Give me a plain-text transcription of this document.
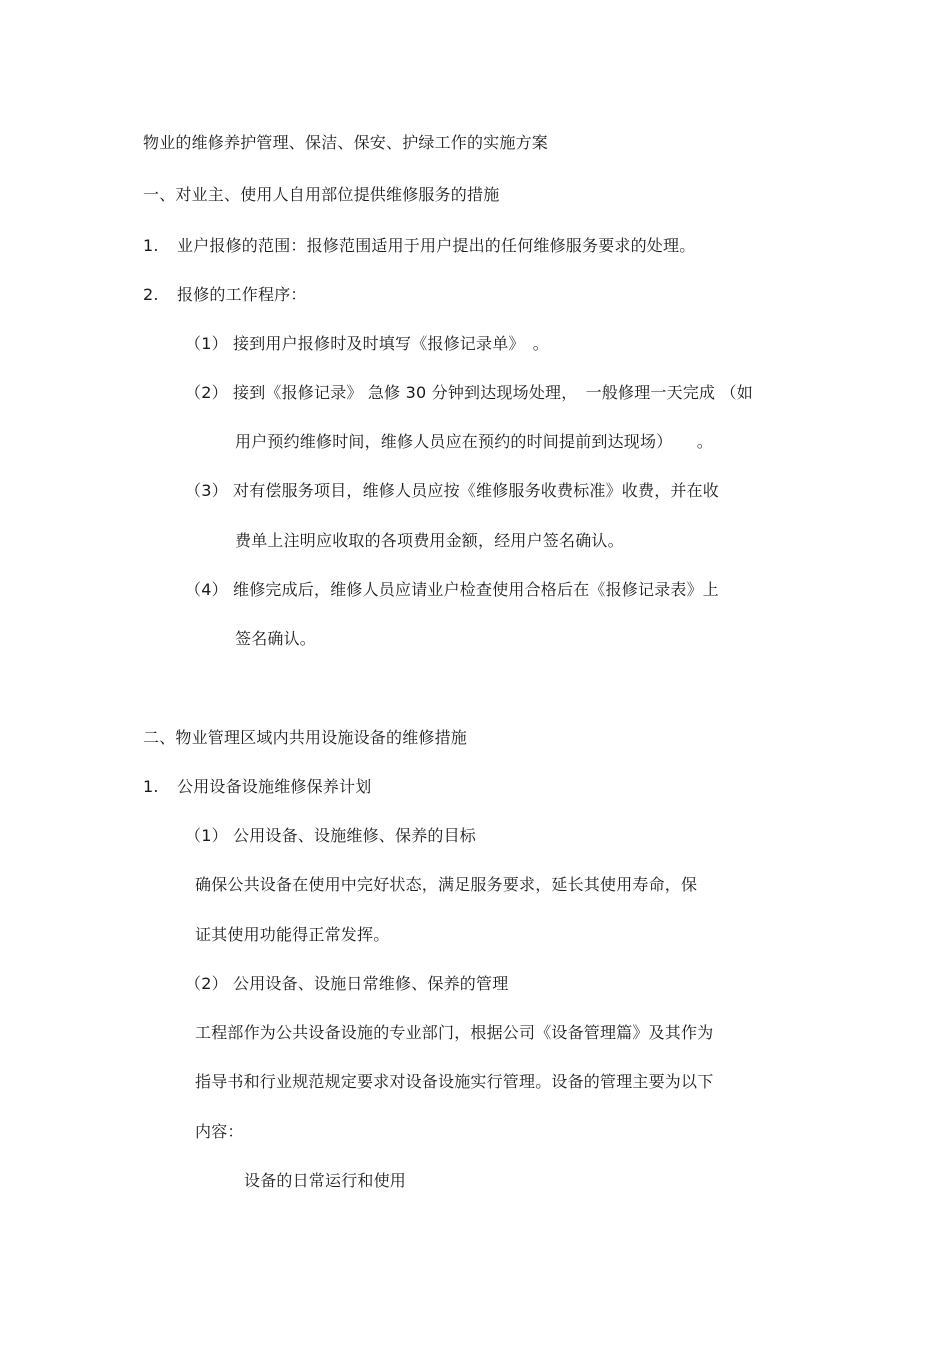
物业的维修养护管理、保洁、保安、护绿工作的实施方案
一、对业主、使用人自用部位提供维修服务的措施
1. 业户报修的范围：报修范围适用于用户提出的任何维修服务要求的处理。
2. 报修的工作程序：
（1） 接到用户报修时及时填写《报修记录单》　。
（2） 接到《报修记录》 急修 30 分钟到达现场处理，　一般修理一天完成 （如
用户预约维修时间，维修人员应在预约的时间提前到达现场）　　。
（3） 对有偿服务项目，维修人员应按《维修服务收费标准》收费，并在收
费单上注明应收取的各项费用金额，经用户签名确认。
（4） 维修完成后，维修人员应请业户检查使用合格后在《报修记录表》上
签名确认。
二、物业管理区域内共用设施设备的维修措施
1. 公用设备设施维修保养计划
（1） 公用设备、设施维修、保养的目标
确保公共设备在使用中完好状态，满足服务要求，延长其使用寿命，保
证其使用功能得正常发挥。
（2） 公用设备、设施日常维修、保养的管理
工程部作为公共设备设施的专业部门，根据公司《设备管理篇》及其作为
指导书和行业规范规定要求对设备设施实行管理。设备的管理主要为以下
内容：
设备的日常运行和使用
